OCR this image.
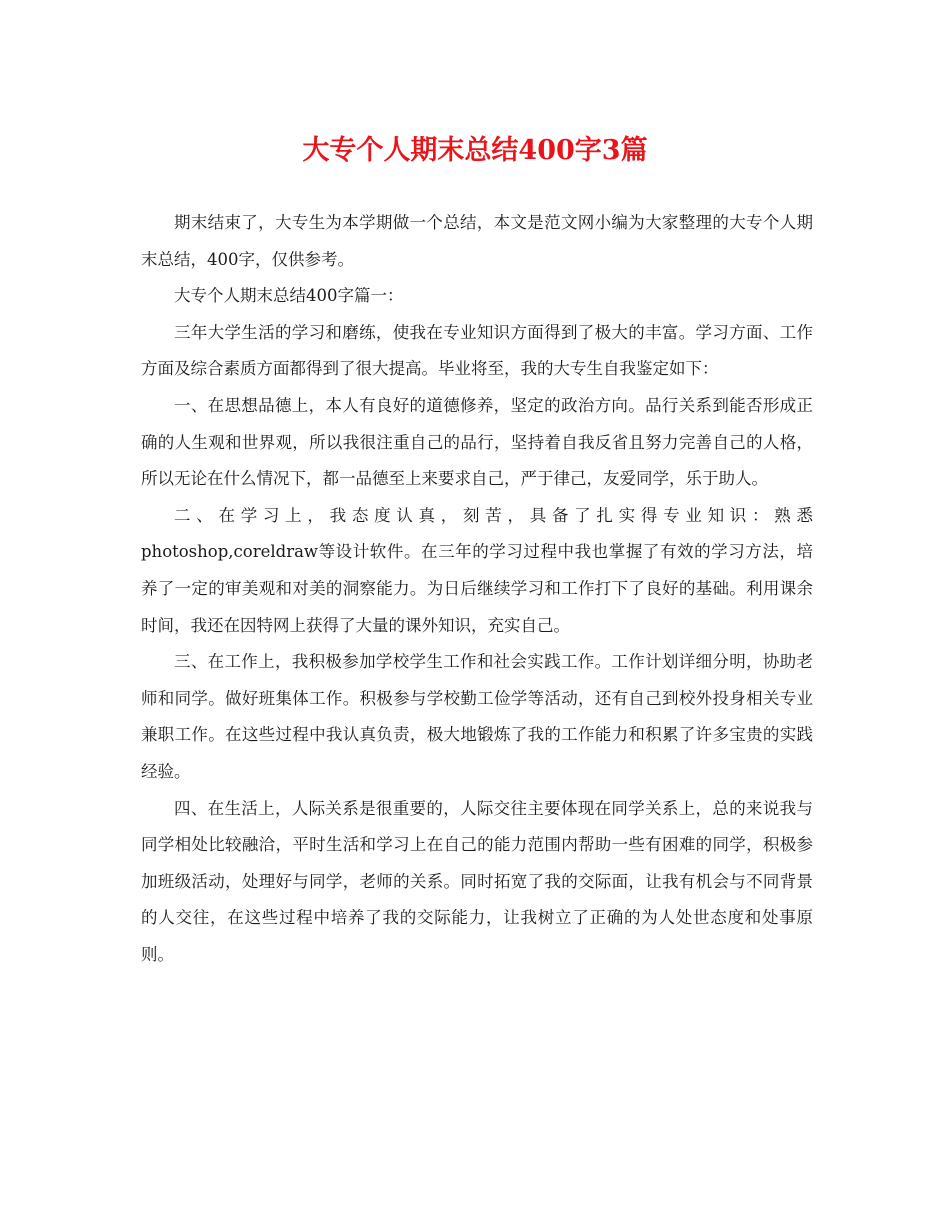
大专个人期末总结400字3篇

期末结束了，大专生为本学期做一个总结，本文是范文网小编为大家整理的大专个人期末总结，400字，仅供参考。

大专个人期末总结400字篇一：

三年大学生活的学习和磨练，使我在专业知识方面得到了极大的丰富。学习方面、工作方面及综合素质方面都得到了很大提高。毕业将至，我的大专生自我鉴定如下：

一、在思想品德上，本人有良好的道德修养，坚定的政治方向。品行关系到能否形成正确的人生观和世界观，所以我很注重自己的品行，坚持着自我反省且努力完善自己的人格，所以无论在什么情况下，都一品德至上来要求自己，严于律己，友爱同学，乐于助人。

二、在学习上，我态度认真，刻苦，具备了扎实得专业知识：熟悉photoshop,coreldraw等设计软件。在三年的学习过程中我也掌握了有效的学习方法，培养了一定的审美观和对美的洞察能力。为日后继续学习和工作打下了良好的基础。利用课余时间，我还在因特网上获得了大量的课外知识，充实自己。

三、在工作上，我积极参加学校学生工作和社会实践工作。工作计划详细分明，协助老师和同学。做好班集体工作。积极参与学校勤工俭学等活动，还有自己到校外投身相关专业兼职工作。在这些过程中我认真负责，极大地锻炼了我的工作能力和积累了许多宝贵的实践经验。

四、在生活上，人际关系是很重要的，人际交往主要体现在同学关系上，总的来说我与同学相处比较融洽，平时生活和学习上在自己的能力范围内帮助一些有困难的同学，积极参加班级活动，处理好与同学，老师的关系。同时拓宽了我的交际面，让我有机会与不同背景的人交往，在这些过程中培养了我的交际能力，让我树立了正确的为人处世态度和处事原则。
